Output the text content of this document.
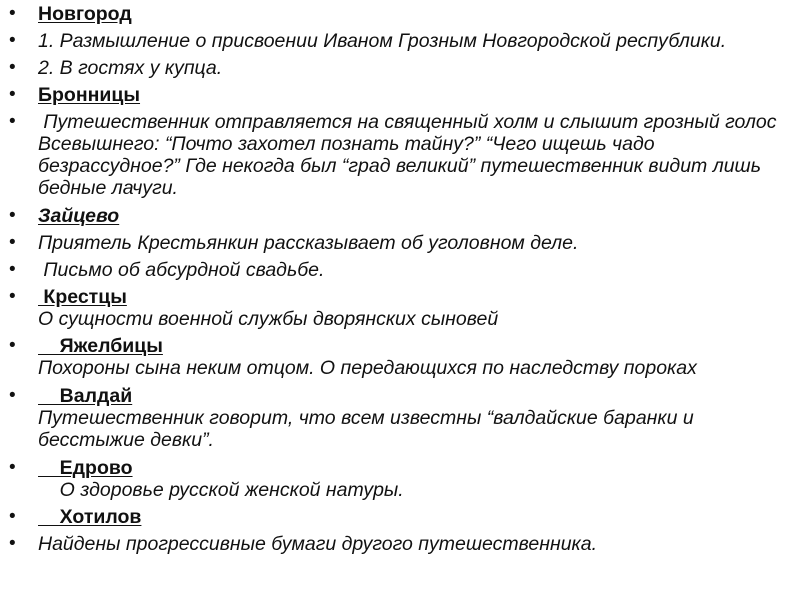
• Новгород
• 1. Размышление о присвоении Иваном Грозным Новгородской республики.
• 2. В гостях у купца.
• Бронницы
• Путешественник отправляется на священный холм и слышит грозный голос Всевышнего: “Почто захотел познать тайну?” “Чего ищешь чадо безрассудное?” Где некогда был “град великий” путешественник видит лишь бедные лачуги.
• Зайцево
• Приятель Крестьянкин рассказывает об уголовном деле.
• Письмо об абсурдной свадьбе.
• Крестцы
О сущности военной службы дворянских сыновей
• Яжелбицы
Похороны сына неким отцом. О передающихся по наследству пороках
• Валдай
Путешественник говорит, что всем известны “валдайские баранки и бесстыжие девки”.
• Едрово
О здоровье русской женской натуры.
• Хотилов
• Найдены прогрессивные бумаги другого путешественника.
